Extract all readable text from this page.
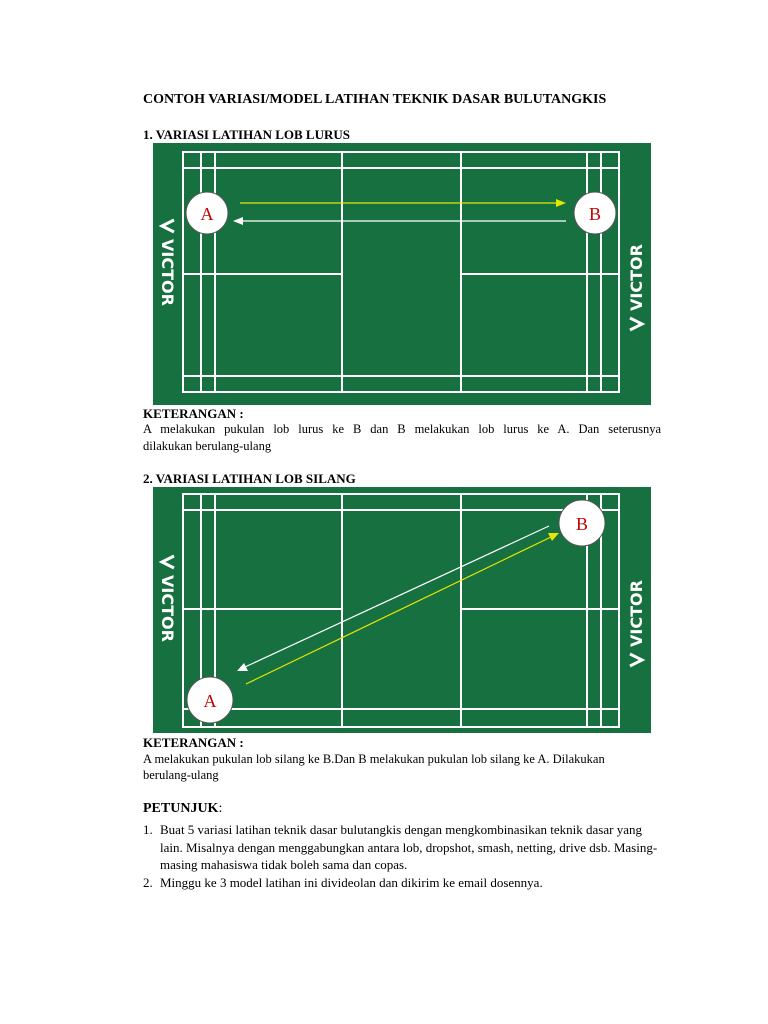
CONTOH VARIASI/MODEL LATIHAN TEKNIK DASAR BULUTANGKIS
1. VARIASI LATIHAN LOB LURUS
VICTOR	VICTOR
A	B
KETERANGAN :
A melakukan pukulan lob lurus ke B dan B melakukan lob lurus ke A. Dan seterusnya
dilakukan berulang-ulang
2. VARIASI LATIHAN LOB SILANG
VICTOR	VICTOR
A
B
KETERANGAN :
A melakukan pukulan lob silang ke B.Dan B melakukan pukulan lob silang ke A. Dilakukan
berulang-ulang
PETUNJUK:
1. Buat 5 variasi latihan teknik dasar bulutangkis dengan mengkombinasikan teknik dasar yang lain. Misalnya dengan menggabungkan antara lob, dropshot, smash, netting, drive dsb. Masing-masing mahasiswa tidak boleh sama dan copas.
2. Minggu ke 3 model latihan ini divideolan dan dikirim ke email dosennya.
